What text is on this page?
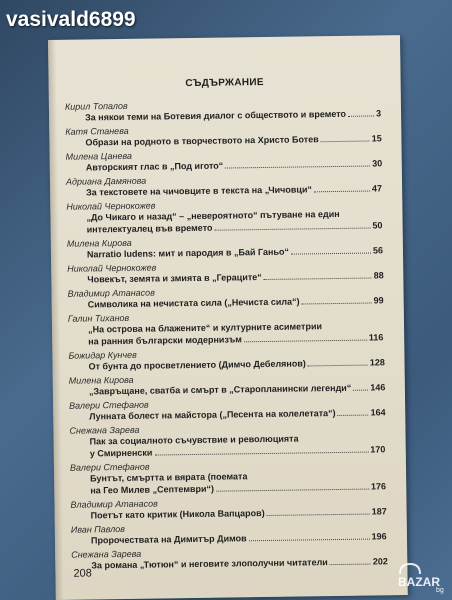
СЪДЪРЖАНИЕ
Кирил Топалов
За някои теми на Ботевия диалог с обществото и времето	3
Катя Станева
Образи на родното в творчеството на Христо Ботев	15
Милена Цанева
Авторският глас в „Под игото“	30
Адриана Дамянова
За текстовете на чичовците в текста на „Чичовци“	47
Николай Чернокожев
„До Чикаго и назад“ – „невероятното“ пътуване на един
интелектуалец във времето	50
Милена Кирова
Narratio ludens: мит и пародия в „Бай Ганьо“	56
Николай Чернокожев
Човекът, земята и змията в „Гераците“	88
Владимир Атанасов
Символика на нечистата сила („Нечиста сила“)	99
Галин Тиханов
„На острова на блажените“ и културните асиметрии
на ранния български модернизъм	116
Божидар Кунчев
От бунта до просветлението (Димчо Дебелянов)	128
Милена Кирова
„Завръщане, сватба и смърт в „Старопланински легенди“ 146
Валери Стефанов
Лунната болест на майстора („Песента на колелетата“)	164
Снежана Зарева
Пак за социалното съчувствие и революцията
у Смирненски	170
Валери Стефанов
Бунтът, смъртта и вярата (поемата
на Гео Милев „Септември“)	176
Владимир Атанасов
Поетът като критик (Никола Вапцаров)	187
Иван Павлов
Пророчествата на Димитър Димов	196
Снежана Зарева
За романа „Тютюн“ и неговите злополучни читатели	202
208
vasivald6899
BAZAR
bg
